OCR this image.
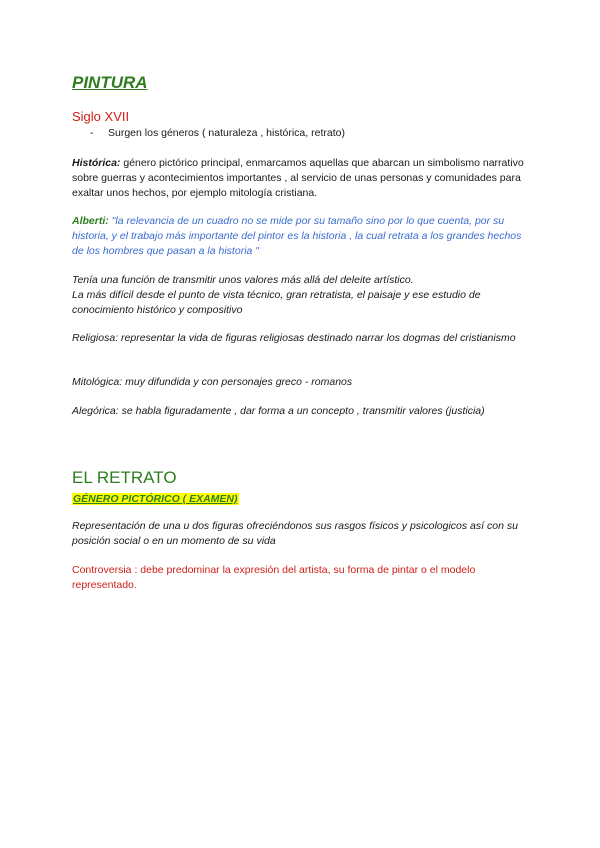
PINTURA
Siglo XVII
-	Surgen los géneros ( naturaleza , histórica, retrato)
Histórica: género pictórico principal, enmarcamos aquellas que abarcan un simbolismo narrativo sobre guerras y acontecimientos importantes , al servicio de unas personas y comunidades para exaltar unos hechos, por ejemplo mitología cristiana.
Alberti: "la relevancia de un cuadro no se mide por su tamaño sino por lo que cuenta, por su historia, y el trabajo más importante del pintor es la historia , la cual retrata a los grandes hechos de los hombres que pasan a la historia "
Tenía una función de transmitir unos valores más allá del deleite artístico.
La más difícil desde el punto de vista técnico, gran retratista, el paisaje y ese estudio de conocimiento histórico y compositivo
Religiosa: representar la vida de figuras religiosas destinado narrar los dogmas del cristianismo
Mitológica: muy difundida y con personajes greco - romanos
Alegórica: se habla figuradamente , dar forma a un concepto , transmitir valores (justicia)
EL RETRATO
GÉNERO PICTÓRICO ( EXAMEN)
Representación de una u dos figuras ofreciéndonos sus rasgos físicos y psicologicos así con su posición social o en un momento de su vida
Controversia : debe predominar la expresión del artista, su forma de pintar o el modelo representado.
